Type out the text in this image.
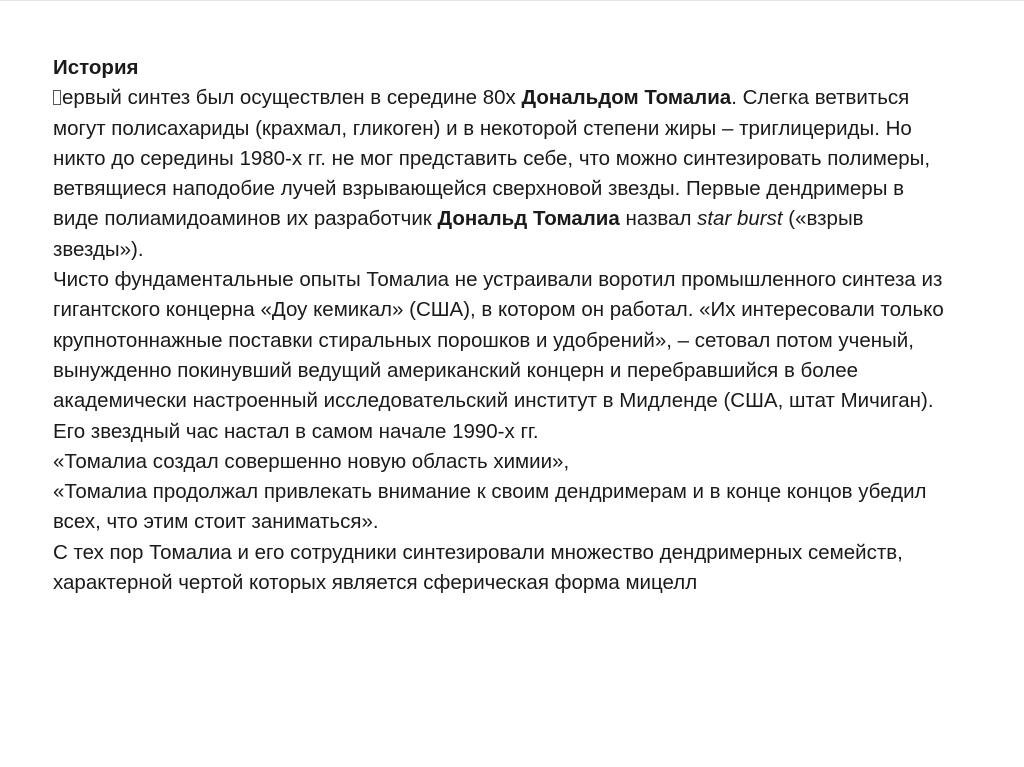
История

ервый синтез был осуществлен в середине 80х Дональдом Томалиа. Слегка ветвиться могут полисахариды (крахмал, гликоген) и в некоторой степени жиры – триглицериды. Но никто до середины 1980-х гг. не мог представить себе, что можно синтезировать полимеры, ветвящиеся наподобие лучей взрывающейся сверхновой звезды. Первые дендримеры в виде полиамидоаминов их разработчик Дональд Томалиа назвал star burst («взрыв звезды»).

Чисто фундаментальные опыты Томалиа не устраивали воротил промышленного синтеза из гигантского концерна «Доу кемикал» (США), в котором он работал. «Их интересовали только крупнотоннажные поставки стиральных порошков и удобрений», – сетовал потом ученый, вынужденно покинувший ведущий американский концерн и перебравшийся в более академически настроенный исследовательский институт в Мидленде (США, штат Мичиган). Его звездный час настал в самом начале 1990-х гг.

«Томалиа создал совершенно новую область химии»,

«Томалиа продолжал привлекать внимание к своим дендримерам и в конце концов убедил всех, что этим стоит заниматься».

С тех пор Томалиа и его сотрудники синтезировали множество дендримерных семейств, характерной чертой которых является сферическая форма мицелл
